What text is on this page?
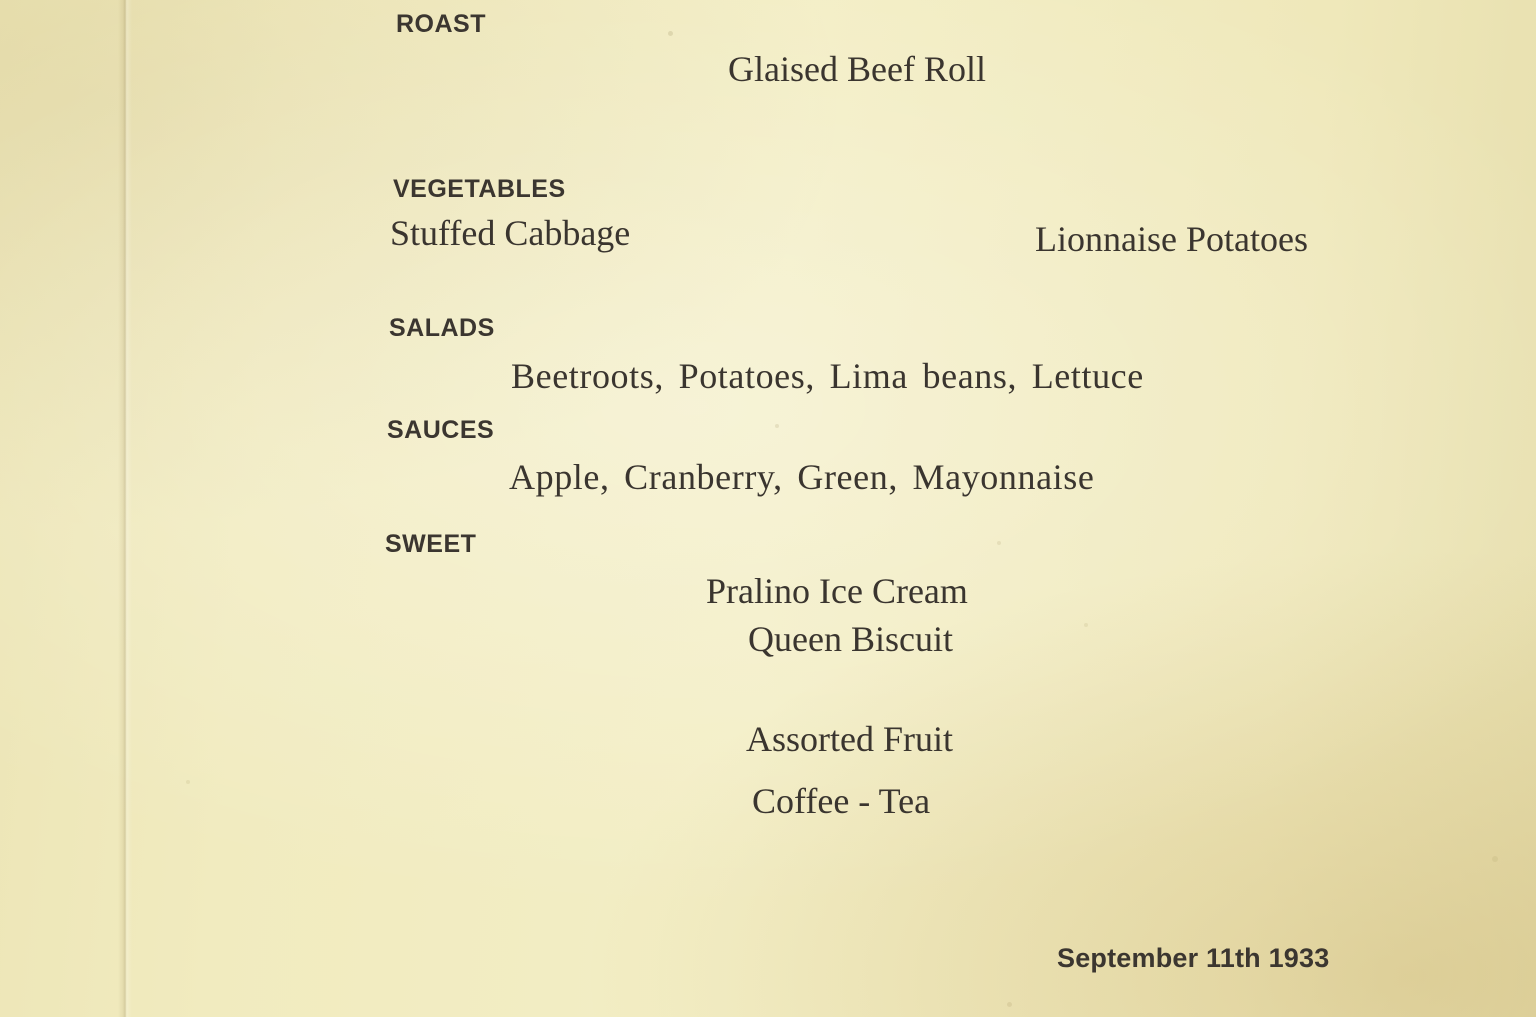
ROAST
Glaised Beef Roll
VEGETABLES
Stuffed Cabbage	Lionnaise Potatoes
SALADS
Beetroots, Potatoes, Lima beans, Lettuce
SAUCES
Apple, Cranberry, Green, Mayonnaise
SWEET
Pralino Ice Cream
Queen Biscuit
Assorted Fruit
Coffee - Tea
September 11th 1933
